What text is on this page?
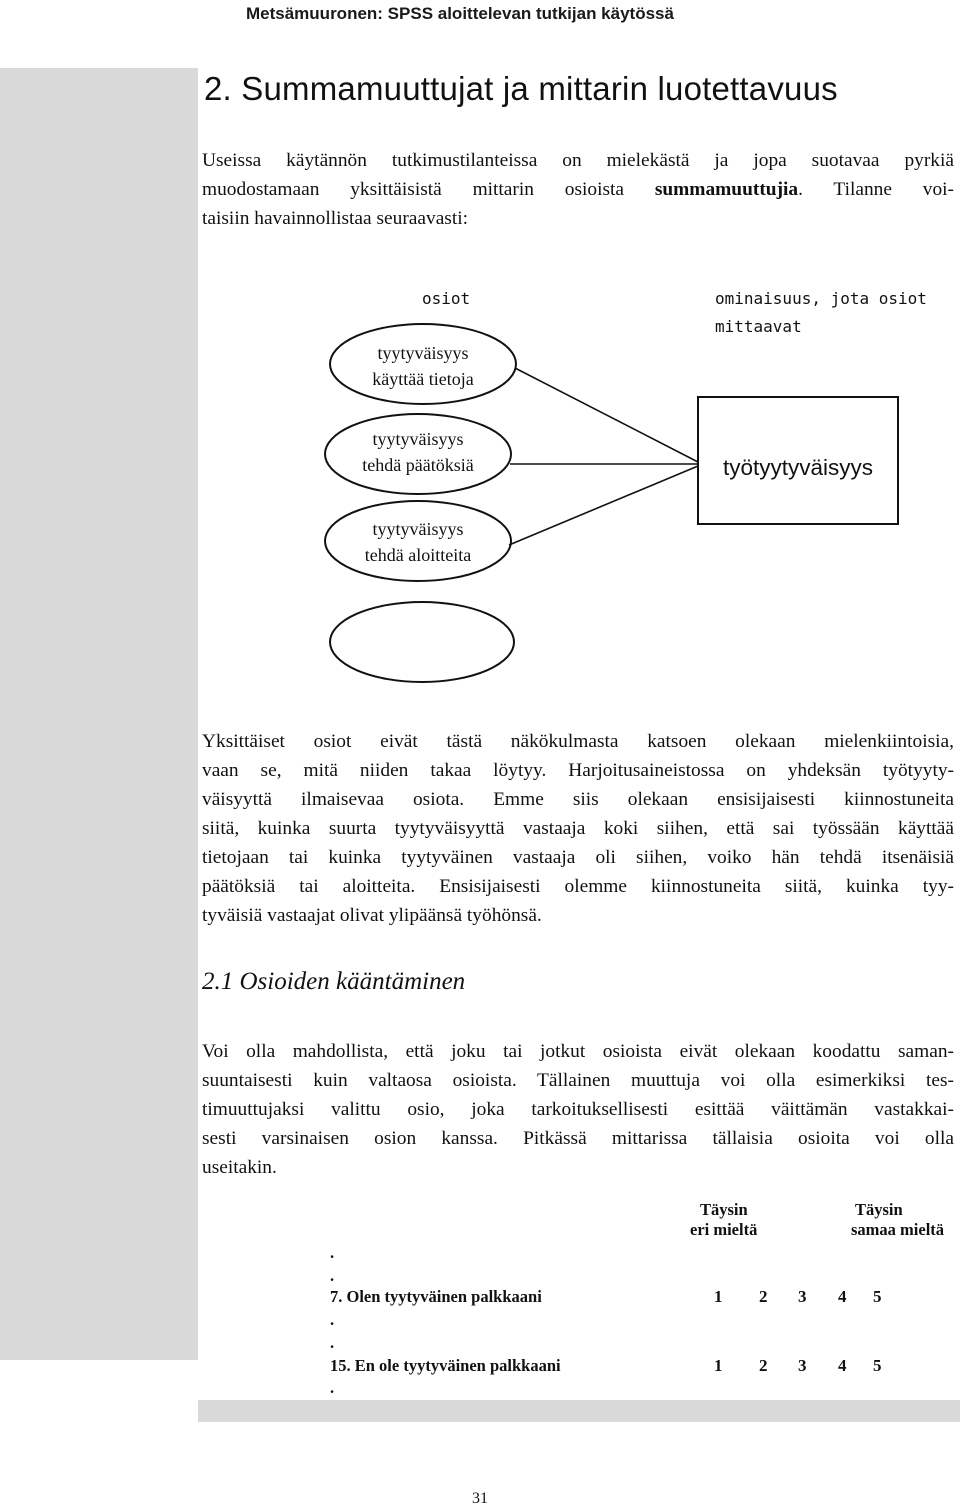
Metsämuuronen: SPSS aloittelevan tutkijan käytössä
2. Summamuuttujat ja mittarin luotettavuus
Useissa käytännön tutkimustilanteissa on mielekästä ja jopa suotavaa pyrkiä
muodostamaan yksittäisistä mittarin osioista summamuuttujia. Tilanne voi-
taisiin havainnollistaa seuraavasti:
osiot	ominaisuus, jota osiot
mittaavat
tyytyväisyys
käyttää tietoja
tyytyväisyys
tehdä päätöksiä
tyytyväisyys
tehdä aloitteita
työtyytyväisyys
Yksittäiset osiot eivät tästä näkökulmasta katsoen olekaan mielenkiintoisia,
vaan se, mitä niiden takaa löytyy. Harjoitusaineistossa on yhdeksän työtyyty-
väisyyttä ilmaisevaa osiota. Emme siis olekaan ensisijaisesti kiinnostuneita
siitä, kuinka suurta tyytyväisyyttä vastaaja koki siihen, että sai työssään käyttää
tietojaan tai kuinka tyytyväinen vastaaja oli siihen, voiko hän tehdä itsenäisiä
päätöksiä tai aloitteita. Ensisijaisesti olemme kiinnostuneita siitä, kuinka tyy-
tyväisiä vastaajat olivat ylipäänsä työhönsä.
2.1 Osioiden kääntäminen
Voi olla mahdollista, että joku tai jotkut osioista eivät olekaan koodattu saman-
suuntaisesti kuin valtaosa osioista. Tällainen muuttuja voi olla esimerkiksi tes-
timuuttujaksi valittu osio, joka tarkoituksellisesti esittää väittämän vastakkai-
sesti varsinaisen osion kanssa. Pitkässä mittarissa tällaisia osioita voi olla
useitakin.
Täysin
eri mieltä
Täysin
samaa mieltä
.
.
7. Olen tyytyväinen palkkaani	1 2 3 4 5
.
.
15. En ole tyytyväinen palkkaani	1 2 3 4 5
.
31
